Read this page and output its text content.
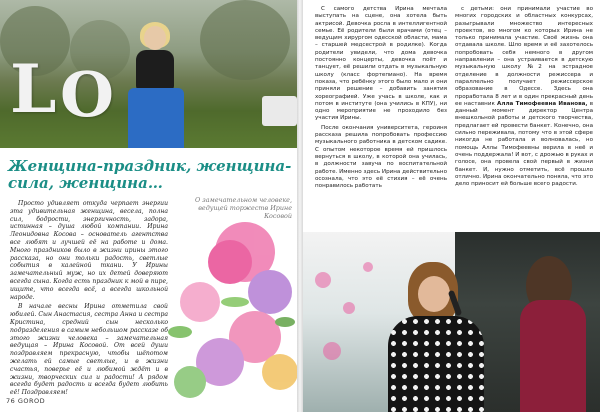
L O
Женщина-праздник, женщина-сила, женщина…

О замечательном человеке, ведущей торжеств Ирине Косовой

Просто удивляет откуда черпает энергии эта удивительная женщина, весела, полна сил, бодрости, энергичность, задора, истинная – душа любой компании. Ирина Леонидовна Косова – основатель агентства все любят и лучшей её на работе и дома. Много праздников было в жизни ирины этого рассказа, но они тольки радость, светлые события в калейной ткани. У Ирины замечательный муж, но их детей доверяют всегда сына. Когда есть праздник к мой в пире, ищите, что всегда всё, а всегда школьной народе.

В начале весны Ирина отметила свой юбилей. Сын Анастасия, сестра Анна и сестра Кристина, средний сын несколько подразделения в самым небольшом рассказе об этого жизни человека – замечательная ведущая – Ирина Косовой. От всей души поздравляем прекрасную, чтобы шёпотом желать ей самые светлые, и в жизни счастья, поверье её и любимой ждёт и в жизни, творческих сил и радости! А рядом всегда будет радость и всегда будет любить её! Поздравляем!

76 GOROD

С самого детства Ирина мечтала выступать на сцене, она хотела быть актрисой. Девочка росла в интеллигентной семье. Её родители были врачами (отец – ведущим хирургом одесской области, мама – старшей медсестрой в родилке). Когда родители увидели, что дома девочка постоянно концерты, девочка поёт и танцует, её решили отдать в музыкальную школу (класс фортепиано). На время показа, что ребёнку этого было мало и они приняли решение – добавить занятия хореографией. Уже учась в школе, как и потом в институте (она учились в КПУ), ни одно мероприятие не проходило без участия Ирины.

После окончания университета, героиня рассказа решила попробовать профессию музыкального работника в детском садике. С опытом некоторое время ей пришлось вернуться в школу, в которой она училась, в должности завуча по воспитательной работе. Именно здесь Ирина действительно осознала, что это её стихия – её очень понравилось работать

с детьми: они принимали участие во многих городских и областных конкурсах, разыгрывали множество интересных проектов, во многом ко которых Ирина не только принимала участие. Своё жизнь она отдавала школе. Шло время и её захотелось попробовать себя немного в другом направлении – она устраивается в детскую музыкальную школу №2 на эстрадное отделение в должности режиссера и параллельно получает режиссерское образование в Одессе. Здесь она проработала 8 лет и в один прекрасный день ее наставник Алла Тимофеевна Иванова, в данный момент директор Центра внешкольной работы и детского творчества, предлагает ей провести банкет. Конечно, она сильно переживала, потому что в этой сфере никогда не работала и волновалась, но помощь Аллы Тимофеевны верила в неё и очень поддержала! И вот, с дрожью в руках и голосе, она провела свой первый в жизни банкет. И, нужно отметить, всё прошло отлично. Ирина окончательно поняла, что это дело приносит ей больше всего радости.
